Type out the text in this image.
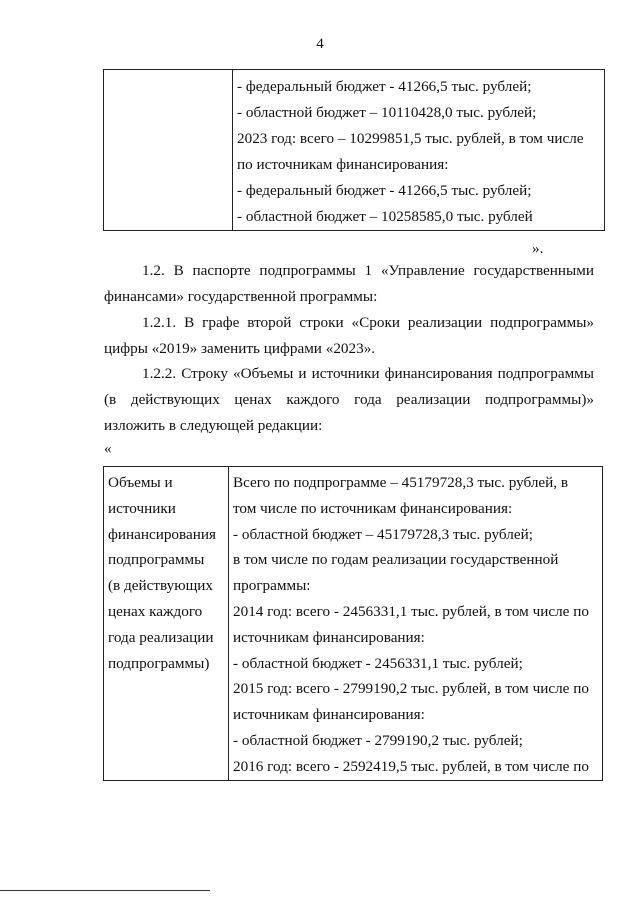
4

- федеральный бюджет - 41266,5 тыс. рублей;
- областной бюджет – 10110428,0 тыс. рублей;
2023 год: всего – 10299851,5 тыс. рублей, в том числе
по источникам финансирования:
- федеральный бюджет - 41266,5 тыс. рублей;
- областной бюджет – 10258585,0 тыс. рублей
».

1.2. В паспорте подпрограммы 1 «Управление государственными
финансами» государственной программы:

1.2.1. В графе второй строки «Сроки реализации подпрограммы»
цифры «2019» заменить цифрами «2023».

1.2.2. Строку «Объемы и источники финансирования подпрограммы
(в действующих ценах каждого года реализации подпрограммы)»
изложить в следующей редакции:

«
Объемы и
источники
финансирования
подпрограммы
(в действующих
ценах каждого
года реализации
подпрограммы)

Всего по подпрограмме – 45179728,3 тыс. рублей, в
том числе по источникам финансирования:
- областной бюджет – 45179728,3 тыс. рублей;
в том числе по годам реализации государственной
программы:
2014 год: всего - 2456331,1 тыс. рублей, в том числе по
источникам финансирования:
- областной бюджет - 2456331,1 тыс. рублей;
2015 год: всего - 2799190,2 тыс. рублей, в том числе по
источникам финансирования:
- областной бюджет - 2799190,2 тыс. рублей;
2016 год: всего - 2592419,5 тыс. рублей, в том числе по
